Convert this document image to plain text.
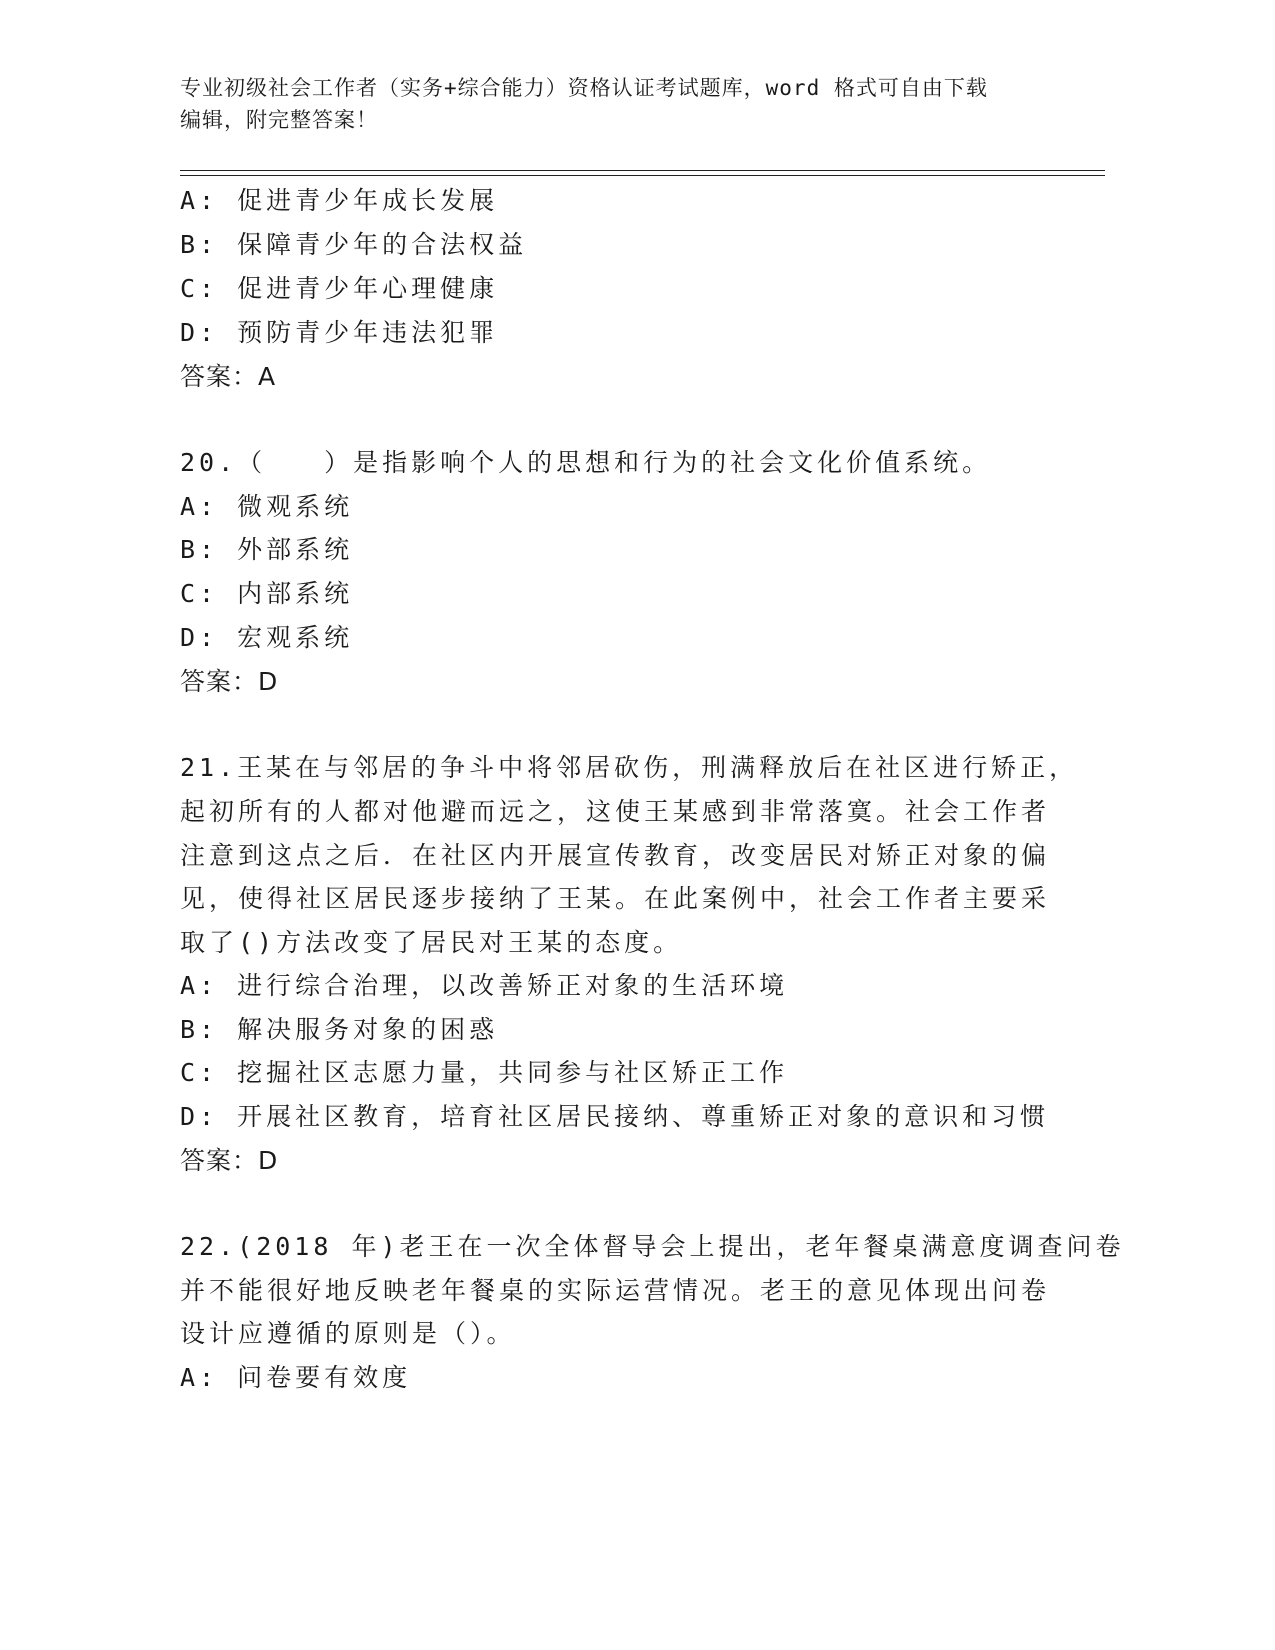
专业初级社会工作者（实务+综合能力）资格认证考试题库，word 格式可自由下载
编辑，附完整答案！
A: 促进青少年成长发展
B: 保障青少年的合法权益
C: 促进青少年心理健康
D: 预防青少年违法犯罪
答案：A
20.（　　）是指影响个人的思想和行为的社会文化价值系统。
A: 微观系统
B: 外部系统
C: 内部系统
D: 宏观系统
答案：D
21.王某在与邻居的争斗中将邻居砍伤，刑满释放后在社区进行矫正，
起初所有的人都对他避而远之，这使王某感到非常落寞。社会工作者
注意到这点之后．在社区内开展宣传教育，改变居民对矫正对象的偏
见，使得社区居民逐步接纳了王某。在此案例中，社会工作者主要采
取了()方法改变了居民对王某的态度。
A: 进行综合治理，以改善矫正对象的生活环境
B: 解决服务对象的困惑
C: 挖掘社区志愿力量，共同参与社区矫正工作
D: 开展社区教育，培育社区居民接纳、尊重矫正对象的意识和习惯
答案：D
22.(2018 年)老王在一次全体督导会上提出，老年餐桌满意度调查问卷
并不能很好地反映老年餐桌的实际运营情况。老王的意见体现出问卷
设计应遵循的原则是（）。
A: 问卷要有效度
